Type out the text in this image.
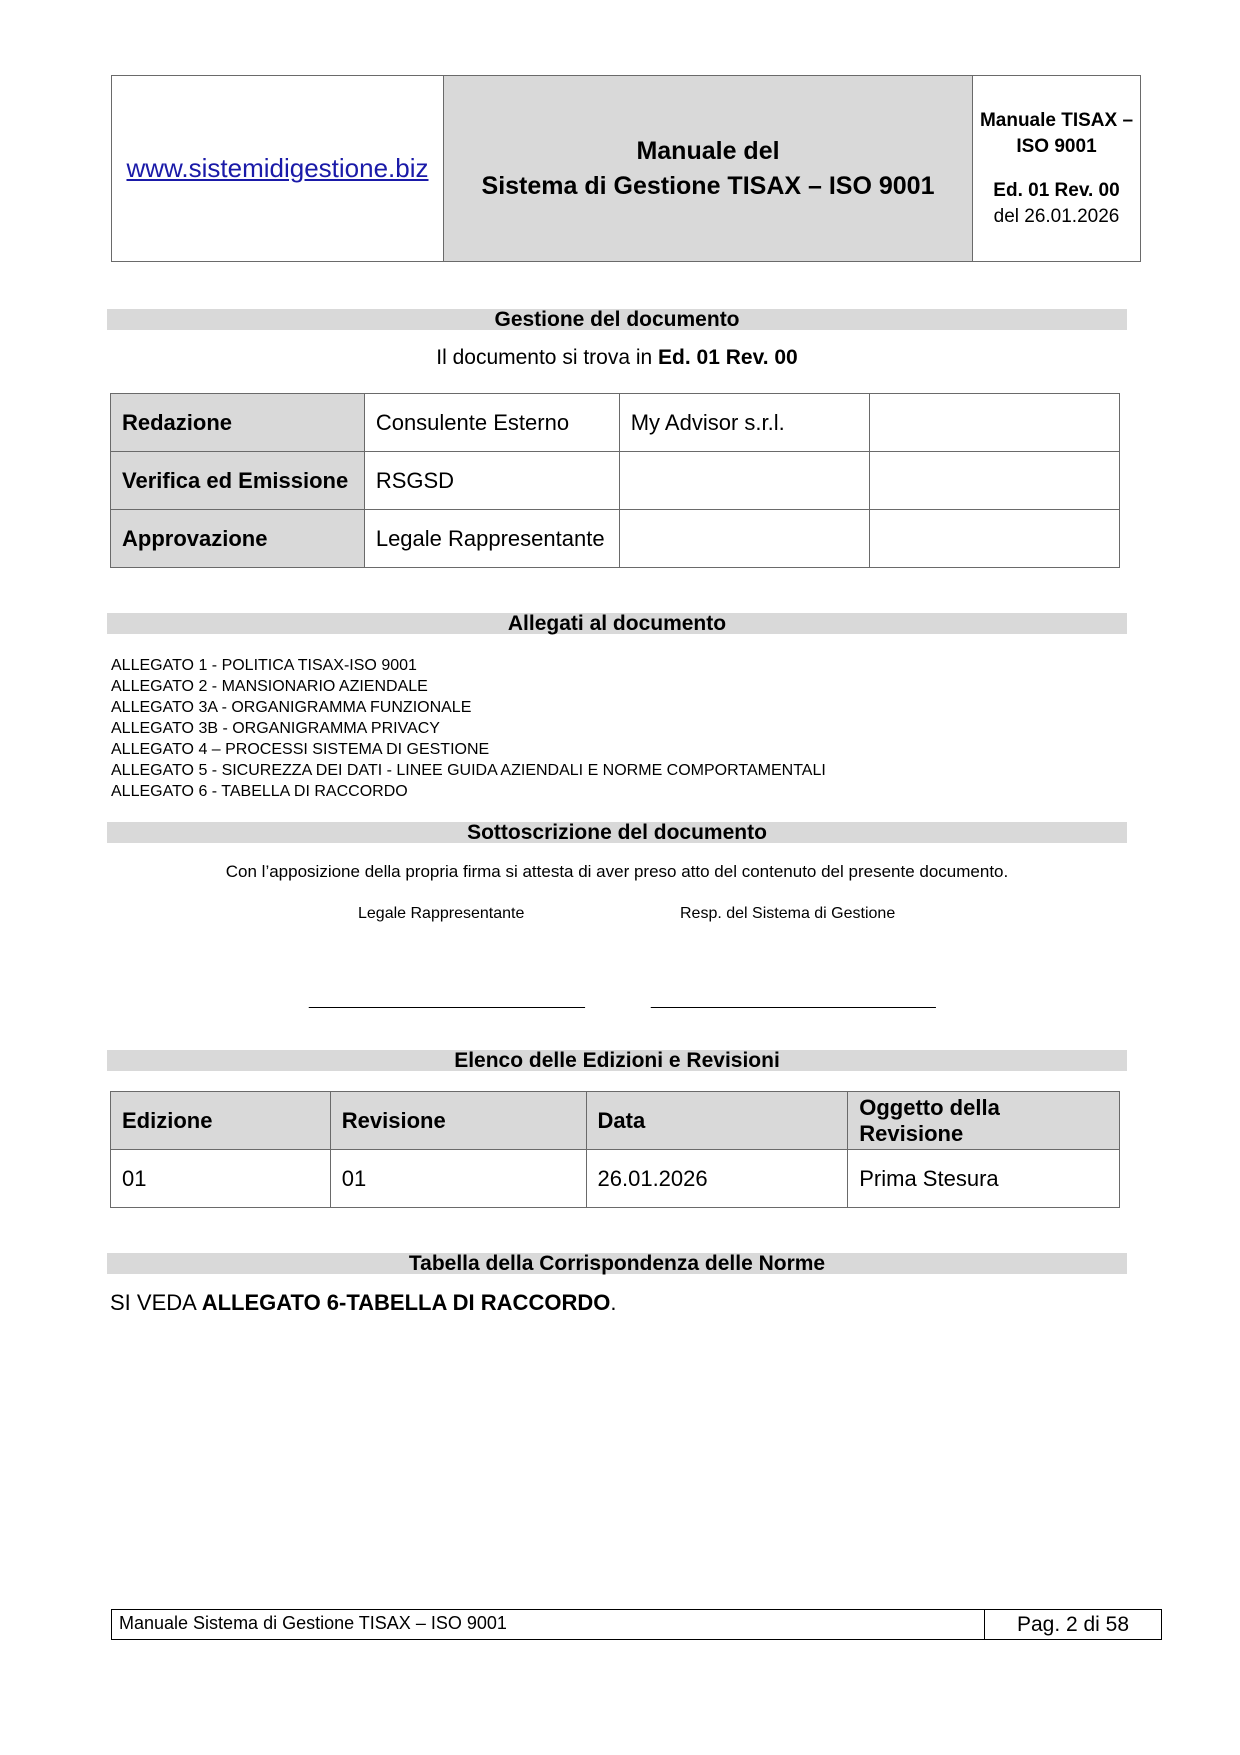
www.sistemidigestione.biz
Manuale del
Sistema di Gestione TISAX – ISO 9001
Manuale TISAX –
ISO 9001
Ed. 01 Rev. 00
del 26.01.2026
Gestione del documento
Il documento si trova in Ed. 01 Rev. 00
Redazione	Consulente Esterno	My Advisor s.r.l.	
Verifica ed Emissione	RSGSD		
Approvazione	Legale Rappresentante		
Allegati al documento
ALLEGATO 1 - POLITICA TISAX-ISO 9001
ALLEGATO 2 - MANSIONARIO AZIENDALE
ALLEGATO 3A - ORGANIGRAMMA FUNZIONALE
ALLEGATO 3B - ORGANIGRAMMA PRIVACY
ALLEGATO 4 – PROCESSI SISTEMA DI GESTIONE
ALLEGATO 5 - SICUREZZA DEI DATI - LINEE GUIDA AZIENDALI E NORME COMPORTAMENTALI
ALLEGATO 6 - TABELLA DI RACCORDO
Sottoscrizione del documento
Con l’apposizione della propria firma si attesta di aver preso atto del contenuto del presente documento.
Legale Rappresentante	Resp. del Sistema di Gestione
_______________________________	________________________________
Elenco delle Edizioni e Revisioni
Edizione	Revisione	Data	Oggetto della Revisione
01	01	26.01.2026	Prima Stesura
Tabella della Corrispondenza delle Norme
SI VEDA ALLEGATO 6-TABELLA DI RACCORDO.
Manuale Sistema di Gestione TISAX – ISO 9001	Pag. 2 di 58
